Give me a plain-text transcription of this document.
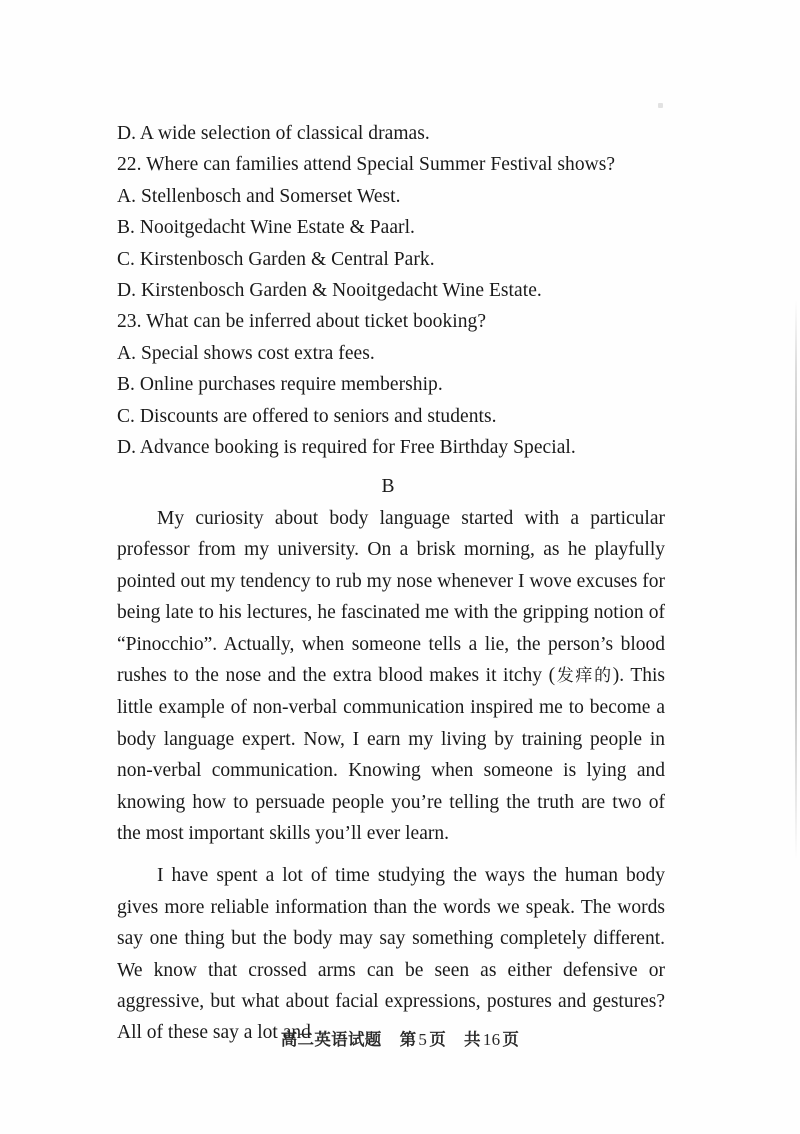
D. A wide selection of classical dramas.
22. Where can families attend Special Summer Festival shows?
A. Stellenbosch and Somerset West.
B. Nooitgedacht Wine Estate & Paarl.
C. Kirstenbosch Garden & Central Park.
D. Kirstenbosch Garden & Nooitgedacht Wine Estate.
23. What can be inferred about ticket booking?
A. Special shows cost extra fees.
B. Online purchases require membership.
C. Discounts are offered to seniors and students.
D. Advance booking is required for Free Birthday Special.
B

My curiosity about body language started with a particular professor from my university. On a brisk morning, as he playfully pointed out my tendency to rub my nose whenever I wove excuses for being late to his lectures, he fascinated me with the gripping notion of “Pinocchio”. Actually, when someone tells a lie, the person’s blood rushes to the nose and the extra blood makes it itchy (发痒的). This little example of non-verbal communication inspired me to become a body language expert. Now, I earn my living by training people in non-verbal communication. Knowing when someone is lying and knowing how to persuade people you’re telling the truth are two of the most important skills you’ll ever learn.

I have spent a lot of time studying the ways the human body gives more reliable information than the words we speak. The words say one thing but the body may say something completely different. We know that crossed arms can be seen as either defensive or aggressive, but what about facial expressions, postures and gestures? All of these say a lot and

高二英语试题 第 5 页 共 16 页
